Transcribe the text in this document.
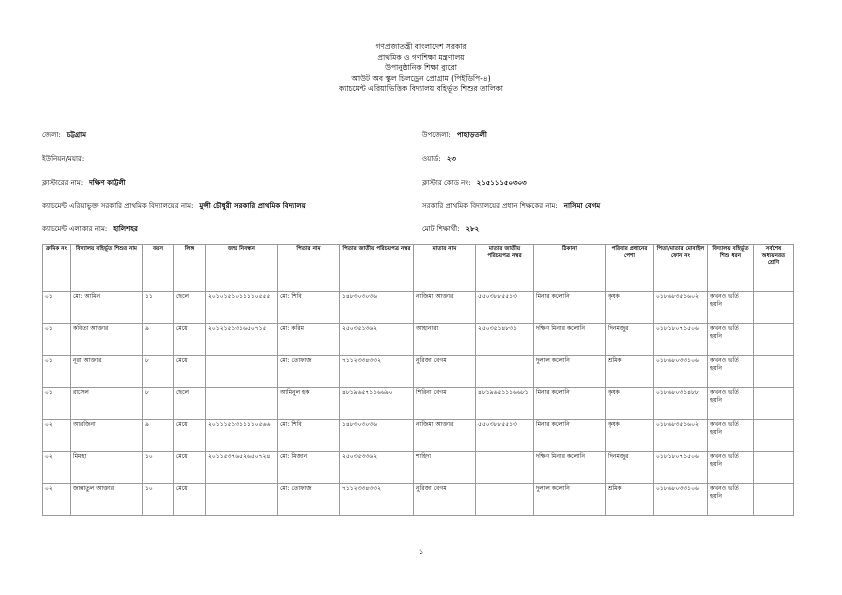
গণপ্রজাতন্ত্রী বাংলাদেশ সরকার
প্রাথমিক ও গণশিক্ষা মন্ত্রণালয়
উপানুষ্ঠানিক শিক্ষা ব্যুরো
আউট অব স্কুল চিলড্রেন প্রোগ্রাম (পিইডিপি-৪)
ক্যাচমেন্ট এরিয়াভিত্তিক বিদ্যালয় বহির্ভূত শিশুর তালিকা
জেলা: চট্টগ্রাম	উপজেলা: পাহাড়তলী
ইউনিয়ন/ময়ার:	ওয়ার্ড: ২৩
ক্লাস্টারের নাম: দক্ষিণ কাট্টলী	ক্লাস্টার কোড নং: ২১৫১১১৫০৩০৩
ক্যাচমেন্ট এরিয়াভুক্ত সরকারি প্রাথমিক বিদ্যালয়ের নাম: মুন্সী চৌধুরী সরকারি প্রাথমিক বিদ্যালয়	সরকারি প্রাথমিক বিদ্যালয়ের প্রধান শিক্ষকের নাম: নাসিমা বেগম
ক্যাচমেন্ট এলাকার নাম: হালিশহর	মোট শিক্ষার্থী: ২৮২
ক্রমিক নং	বিদ্যালয় বহির্ভূত শিশুর নাম	বয়স	লিঙ্গ	জন্ম নিবন্ধন	পিতার নাম	পিতার জাতীয় পরিচয়পত্র নম্বর	মাতার নাম	মাতার জাতীয় পরিচয়পত্র নম্বর	ঠিকানা	পরিবার প্রধানের পেশা	পিতা/মাতার মোবাইল ফোন নং	বিদ্যালয় বহির্ভূত শিশু ধরন	সর্বশেষ অধ্যয়নরত শ্রেণি
০১	মো: আমিন	১১	ছেলে	২০১০১৫১০১১১১০৫৫৫	মো: শিবি	১৪৮৩০৩০৩৬	নাজিমা আক্তার	৫৫০৩৮৮৫৫১৩	মিনার কলোনি	কৃষক	০১৮৬৮৩৫১৬০২	কখনও ভর্তি হয়নি	
০১	কবিতা আক্তার	৯	মেয়ে	২০১২১৫১৩১৬৫০৭১৫	মো: করিম	২৫০৩৫১৩৬২	আহানারা	২৫০৩৫১৪৮৩১	দক্ষিণ মিনার কলোনি	দিনমজুর	০১৮১৮০৭১৫০৬	কখনও ভর্তি হয়নি	
০১	নূরা আক্তার	৮	মেয়ে		মো: তোফাজ	৭১১২৩৩৪৩৩২	নুরিজা বেগম		দুলাল কলোনি	শ্রমিক	০১৮৬৮০৩৩১০৬	কখনও ভর্তি হয়নি	
০১	রাসেল	৮	ছেলে		আমিনুল হক	৪৮১৯৬৫৭১১৬৬৯০	শিরিনা বেগম	৪৮১৯৬৫১১১৬৬৮১	মিনার কলোনি	কৃষক	০১৮৬৮০৩১৪৮৮	কখনও ভর্তি হয়নি	
০২	আরজিনা	৯	মেয়ে	২০১১১৫১৩১১১১০৫৬৬	মো: শিবি	১৪৮৩০৩০৩৬	নাজিমা আক্তার	৫৫০৩৮৮৫৫১৩	মিনার কলোনি	কৃষক	০১৮৬৮৩৫১৬০২	কখনও ভর্তি হয়নি	
০২	মিমহা	১০	মেয়ে	২০১১৫৩৭৬৫২৬৫০৭২৪	মো: মিজান	২৫০৩৫৩৩৬২	শাহিদা		দক্ষিণ মিনার কলোনি	দিনমজুর	০১৮১৮০৭১৫০৬	কখনও ভর্তি হয়নি	
০২	জান্নাতুল আক্তার	১০	মেয়ে		মো: তোফাজ	৭১১২৩৩৪৩৩২	নুরিজা বেগম		দুলাল কলোনি	শ্রমিক	০১৮৬৮০৩৩১০৬	কখনও ভর্তি হয়নি	
১
